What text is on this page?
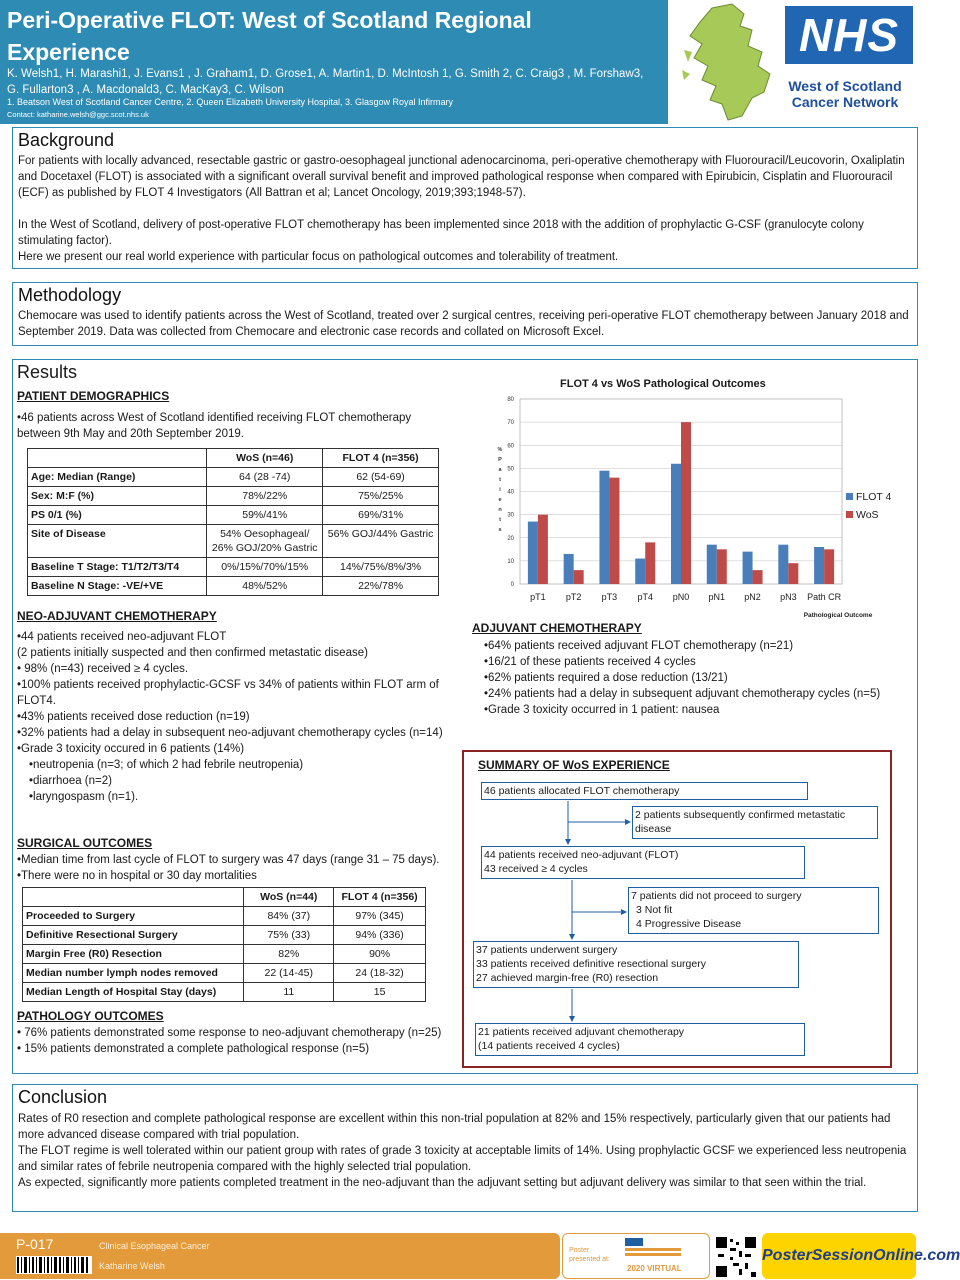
Peri-Operative FLOT: West of Scotland Regional Experience
K. Welsh1, H. Marashi1, J. Evans1 , J. Graham1, D. Grose1, A. Martin1, D. McIntosh 1, G. Smith 2, C. Craig3 , M. Forshaw3, G. Fullarton3 , A. Macdonald3, C. MacKay3, C. Wilson
1. Beatson West of Scotland Cancer Centre, 2. Queen Elizabeth University Hospital, 3. Glasgow Royal Infirmary
Contact: katharine.welsh@ggc.scot.nhs.uk
NHS
West of Scotland
Cancer Network
Background
For patients with locally advanced, resectable gastric or gastro-oesophageal junctional adenocarcinoma, peri-operative chemotherapy with Fluorouracil/Leucovorin, Oxaliplatin and Docetaxel (FLOT) is associated with a significant overall survival benefit and improved pathological response when compared with Epirubicin, Cisplatin and Fluorouracil (ECF) as published by FLOT 4 Investigators (All Battran et al; Lancet Oncology, 2019;393;1948-57).
In the West of Scotland, delivery of post-operative FLOT chemotherapy has been implemented since 2018 with the addition of prophylactic G-CSF (granulocyte colony stimulating factor).
Here we present our real world experience with particular focus on pathological outcomes and tolerability of treatment.
Methodology
Chemocare was used to identify patients across the West of Scotland, treated over 2 surgical centres, receiving peri-operative FLOT chemotherapy between January 2018 and September 2019. Data was collected from Chemocare and electronic case records and collated on Microsoft Excel.
Results
PATIENT DEMOGRAPHICS
•46 patients across West of Scotland identified receiving FLOT chemotherapy between 9th May and 20th September 2019.
	WoS (n=46)	FLOT 4 (n=356)
Age: Median (Range)	64 (28 -74)	62 (54-69)
Sex: M:F (%)	78%/22%	75%/25%
PS 0/1 (%)	59%/41%	69%/31%
Site of Disease	54% Oesophageal/ 26% GOJ/20% Gastric	56% GOJ/44% Gastric
Baseline T Stage: T1/T2/T3/T4	0%/15%/70%/15%	14%/75%/8%/3%
Baseline N Stage: -VE/+VE	48%/52%	22%/78%
NEO-ADJUVANT CHEMOTHERAPY
•44 patients received neo-adjuvant FLOT
(2 patients initially suspected and then confirmed metastatic disease)
• 98% (n=43) received ≥ 4 cycles.
•100% patients received prophylactic-GCSF vs 34% of patients within FLOT arm of FLOT4.
•43% patients received dose reduction (n=19)
•32% patients had a delay in subsequent neo-adjuvant chemotherapy cycles (n=14)
•Grade 3 toxicity occured in 6 patients (14%)
•neutropenia (n=3; of which 2 had febrile neutropenia)
•diarrhoea (n=2)
•laryngospasm (n=1).
SURGICAL OUTCOMES
•Median time from last cycle of FLOT to surgery was 47 days (range 31 – 75 days).
•There were no in hospital or 30 day mortalities
	WoS (n=44)	FLOT 4 (n=356)
Proceeded to Surgery	84% (37)	97% (345)
Definitive Resectional Surgery	75% (33)	94% (336)
Margin Free (R0) Resection	82%	90%
Median number lymph nodes removed	22 (14-45)	24 (18-32)
Median Length of Hospital Stay (days)	11	15
PATHOLOGY OUTCOMES
• 76% patients demonstrated some response to neo-adjuvant chemotherapy (n=25)
• 15% patients demonstrated a complete pathological response (n=5)
FLOT 4 vs WoS Pathological Outcomes
0
10
20
30
40
50
60
70
80
%
P
a
t
i
e
n
t
s
pT1 pT2 pT3 pT4 pN0 pN1 pN2 pN3 Path CR
Pathological Outcome
FLOT 4
WoS
ADJUVANT CHEMOTHERAPY
•64% patients received adjuvant FLOT chemotherapy (n=21)
•16/21 of these patients received 4 cycles
•62% patients required a dose reduction (13/21)
•24% patients had a delay in subsequent adjuvant chemotherapy cycles (n=5)
•Grade 3 toxicity occurred in 1 patient: nausea
SUMMARY OF WoS EXPERIENCE
46 patients allocated FLOT chemotherapy
2 patients subsequently confirmed metastatic disease
44 patients received neo-adjuvant (FLOT)
43 received ≥ 4 cycles
7 patients did not proceed to surgery
3 Not fit
4 Progressive Disease
37 patients underwent surgery
33 patients received definitive resectional surgery
27 achieved margin-free (R0) resection
21 patients received adjuvant chemotherapy
(14 patients received 4 cycles)
Conclusion
Rates of R0 resection and complete pathological response are excellent within this non-trial population at 82% and 15% respectively, particularly given that our patients had more advanced disease compared with trial population.
The FLOT regime is well tolerated within our patient group with rates of grade 3 toxicity at acceptable limits of 14%. Using prophylactic GCSF we experienced less neutropenia and similar rates of febrile neutropenia compared with the highly selected trial population.
As expected, significantly more patients completed treatment in the neo-adjuvant than the adjuvant setting but adjuvant delivery was similar to that seen within the trial.
P-017	Clinical Esophageal Cancer
Katharine Welsh
Poster presented at:
2020 VIRTUAL
PosterSessionOnline.com
